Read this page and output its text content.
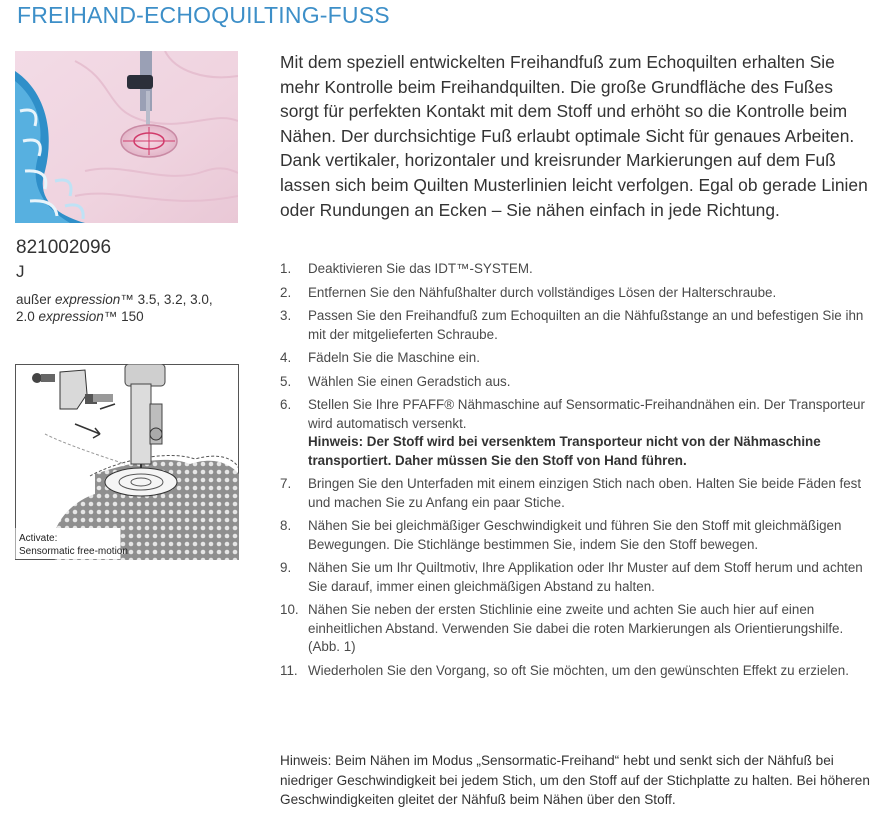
FREIHAND-ECHOQUILTING-FUSS
821002096
J
außer expression™ 3.5, 3.2, 3.0,
2.0 expression™ 150
Activate:
Sensormatic free-motion
Mit dem speziell entwickelten Freihandfuß zum Echoquilten erhalten Sie mehr Kontrolle beim Freihandquilten. Die große Grundfläche des Fußes sorgt für perfekten Kontakt mit dem Stoff und erhöht so die Kontrolle beim Nähen. Der durchsichtige Fuß erlaubt optimale Sicht für genaues Arbeiten. Dank vertikaler, horizontaler und kreisrunder Markierungen auf dem Fuß lassen sich beim Quilten Musterlinien leicht verfolgen. Egal ob gerade Linien oder Rundungen an Ecken – Sie nähen einfach in jede Richtung.
1. Deaktivieren Sie das IDT™-SYSTEM.
2. Entfernen Sie den Nähfußhalter durch vollständiges Lösen der Halterschraube.
3. Passen Sie den Freihandfuß zum Echoquilten an die Nähfußstange an und befestigen Sie ihn mit der mitgelieferten Schraube.
4. Fädeln Sie die Maschine ein.
5. Wählen Sie einen Geradstich aus.
6. Stellen Sie Ihre PFAFF® Nähmaschine auf Sensormatic-Freihandnähen ein. Der Transporteur wird automatisch versenkt.
Hinweis: Der Stoff wird bei versenktem Transporteur nicht von der Nähmaschine transportiert. Daher müssen Sie den Stoff von Hand führen.
7. Bringen Sie den Unterfaden mit einem einzigen Stich nach oben. Halten Sie beide Fäden fest und machen Sie zu Anfang ein paar Stiche.
8. Nähen Sie bei gleichmäßiger Geschwindigkeit und führen Sie den Stoff mit gleichmäßigen Bewegungen. Die Stichlänge bestimmen Sie, indem Sie den Stoff bewegen.
9. Nähen Sie um Ihr Quiltmotiv, Ihre Applikation oder Ihr Muster auf dem Stoff herum und achten Sie darauf, immer einen gleichmäßigen Abstand zu halten.
10. Nähen Sie neben der ersten Stichlinie eine zweite und achten Sie auch hier auf einen einheitlichen Abstand. Verwenden Sie dabei die roten Markierungen als Orientierungshilfe. (Abb. 1)
11. Wiederholen Sie den Vorgang, so oft Sie möchten, um den gewünschten Effekt zu erzielen.
Hinweis: Beim Nähen im Modus „Sensormatic-Freihand“ hebt und senkt sich der Nähfuß bei niedriger Geschwindigkeit bei jedem Stich, um den Stoff auf der Stichplatte zu halten. Bei höheren Geschwindigkeiten gleitet der Nähfuß beim Nähen über den Stoff.
